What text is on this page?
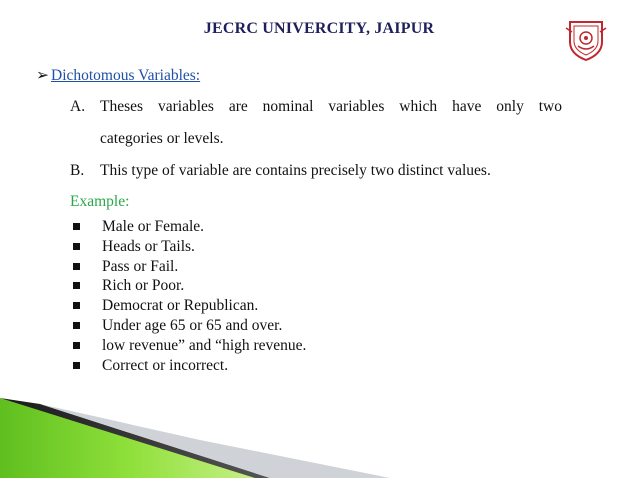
JECRC UNIVERCITY, JAIPUR
➢ Dichotomous Variables:
A. Theses variables are nominal variables which have only two
categories or levels.
B. This type of variable are contains precisely two distinct values.
Example:
Male or Female.
Heads or Tails.
Pass or Fail.
Rich or Poor.
Democrat or Republican.
Under age 65 or 65 and over.
low revenue” and “high revenue.
Correct or incorrect.
